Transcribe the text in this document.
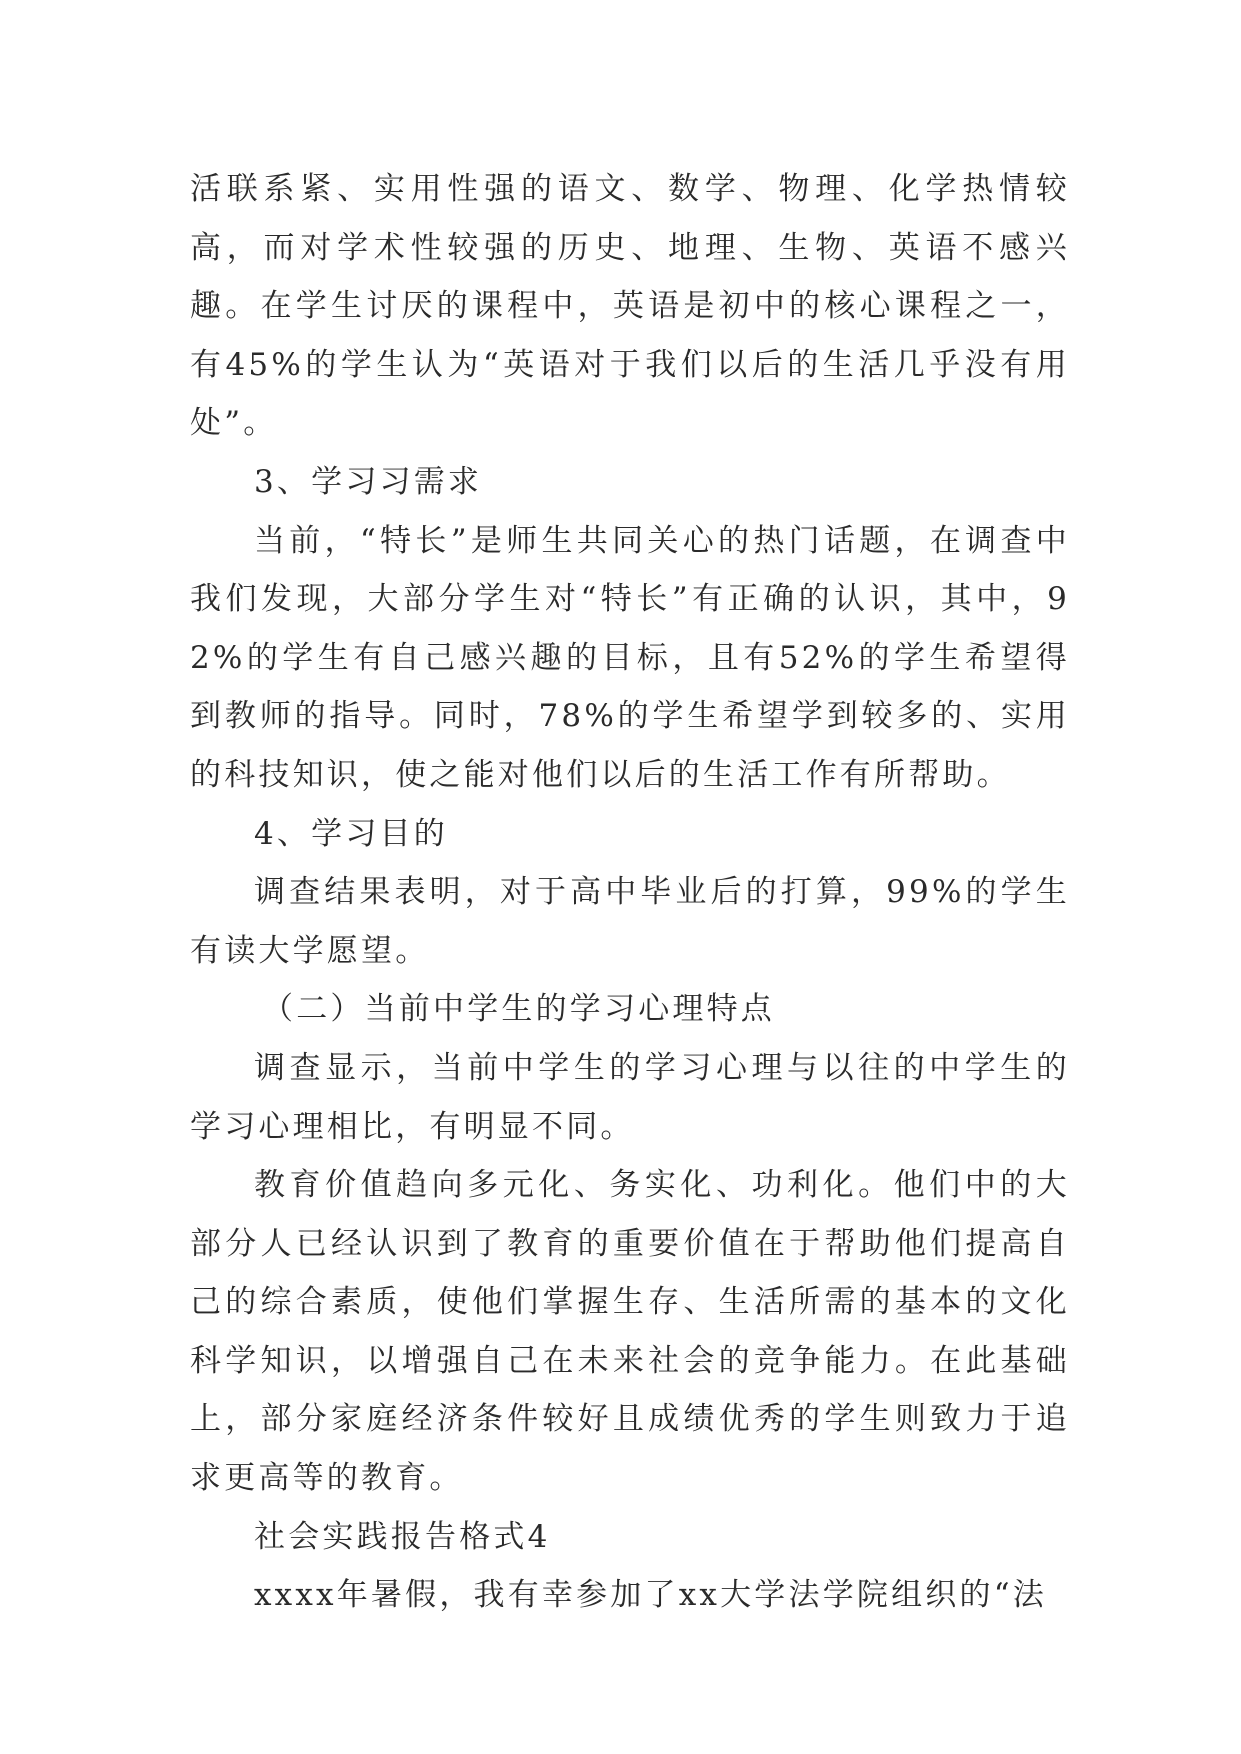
活联系紧、实用性强的语文、数学、物理、化学热情较高，而对学术性较强的历史、地理、生物、英语不感兴趣。在学生讨厌的课程中，英语是初中的核心课程之一，有45%的学生认为“英语对于我们以后的生活几乎没有用处”。

3、学习习需求

当前，“特长”是师生共同关心的热门话题，在调查中我们发现，大部分学生对“特长”有正确的认识，其中，92%的学生有自己感兴趣的目标，且有52%的学生希望得到教师的指导。同时，78%的学生希望学到较多的、实用的科技知识，使之能对他们以后的生活工作有所帮助。

4、学习目的

调查结果表明，对于高中毕业后的打算，99%的学生有读大学愿望。

（二）当前中学生的学习心理特点

调查显示，当前中学生的学习心理与以往的中学生的学习心理相比，有明显不同。

教育价值趋向多元化、务实化、功利化。他们中的大部分人已经认识到了教育的重要价值在于帮助他们提高自己的综合素质，使他们掌握生存、生活所需的基本的文化科学知识，以增强自己在未来社会的竞争能力。在此基础上，部分家庭经济条件较好且成绩优秀的学生则致力于追求更高等的教育。

社会实践报告格式4

xxxx年暑假，我有幸参加了xx大学法学院组织的“法
